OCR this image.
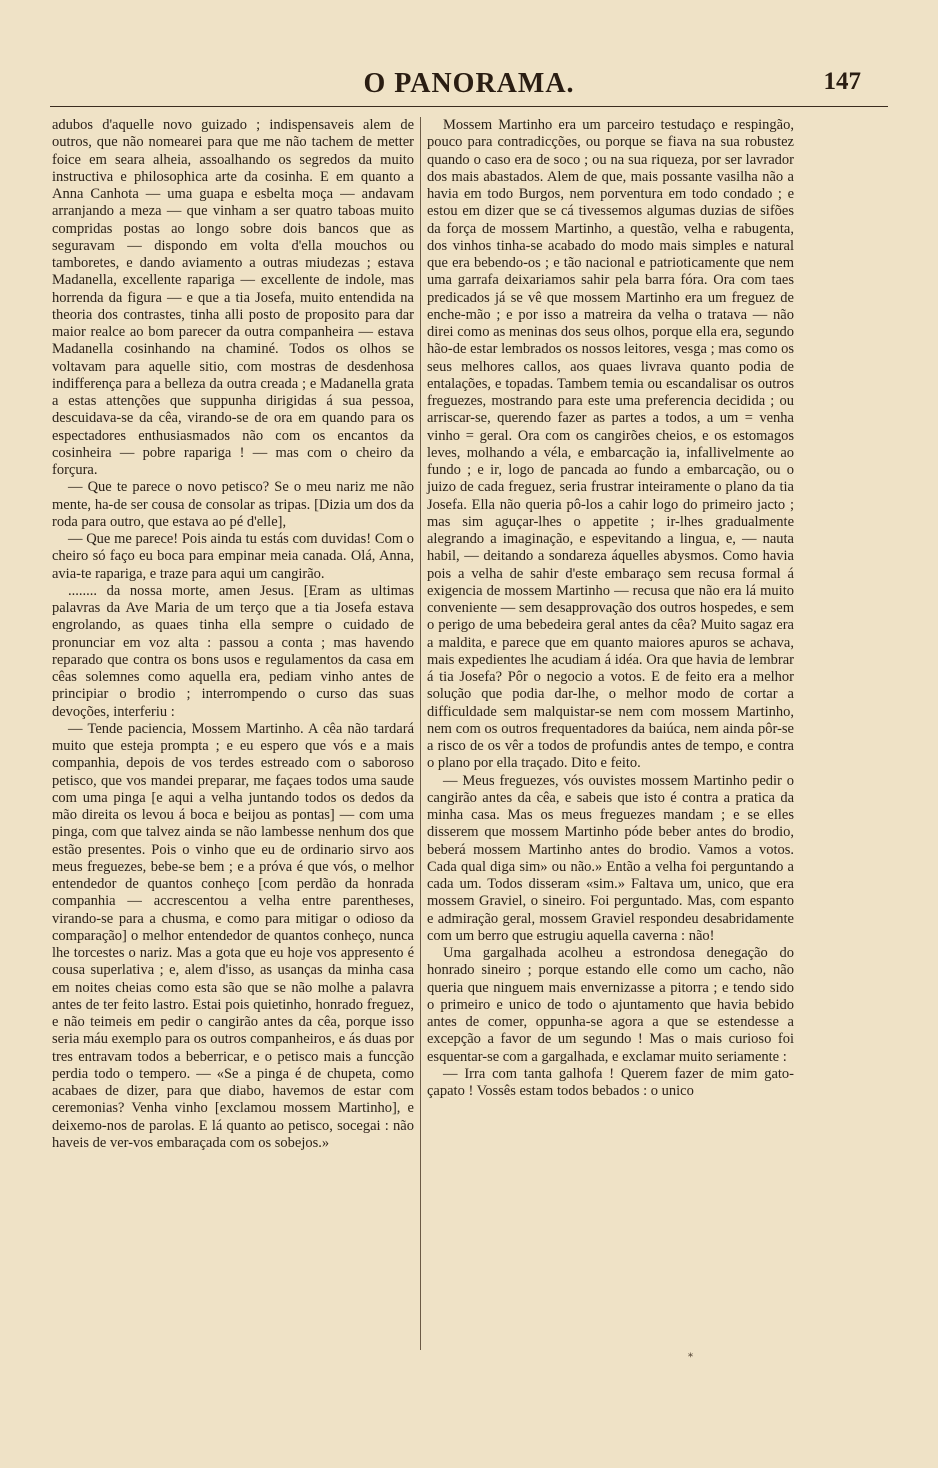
O PANORAMA.	147

adubos d'aquelle novo guizado ; indispensaveis alem de outros, que não nomearei para que me não tachem de metter foice em seara alheia, assoalhando os segredos da muito instructiva e philosophica arte da cosinha. E em quanto a Anna Canhota — uma guapa e esbelta moça — andavam arranjando a meza — que vinham a ser quatro taboas muito compridas postas ao longo sobre dois bancos que as seguravam — dispondo em volta d'ella mouchos ou tamboretes, e dando aviamento a outras miudezas ; estava Madanella, excellente rapariga — excellente de indole, mas horrenda da figura — e que a tia Josefa, muito entendida na theoria dos contrastes, tinha alli posto de proposito para dar maior realce ao bom parecer da outra companheira — estava Madanella cosinhando na chaminé. Todos os olhos se voltavam para aquelle sitio, com mostras de desdenhosa indifferença para a belleza da outra creada ; e Madanella grata a estas attenções que suppunha dirigidas á sua pessoa, descuidava-se da cêa, virando-se de ora em quando para os espectadores enthusiasmados não com os encantos da cosinheira — pobre rapariga ! — mas com o cheiro da forçura.

— Que te parece o novo petisco? Se o meu nariz me não mente, ha-de ser cousa de consolar as tripas. [Dizia um dos da roda para outro, que estava ao pé d'elle],

— Que me parece! Pois ainda tu estás com duvidas! Com o cheiro só faço eu boca para empinar meia canada. Olá, Anna, avia-te rapariga, e traze para aqui um cangirão.

........ da nossa morte, amen Jesus. [Eram as ultimas palavras da Ave Maria de um terço que a tia Josefa estava engrolando, as quaes tinha ella sempre o cuidado de pronunciar em voz alta : passou a conta ; mas havendo reparado que contra os bons usos e regulamentos da casa em cêas solemnes como aquella era, pediam vinho antes de principiar o brodio ; interrompendo o curso das suas devoções, interferiu :

— Tende paciencia, Mossem Martinho. A cêa não tardará muito que esteja prompta ; e eu espero que vós e a mais companhia, depois de vos terdes estreado com o saboroso petisco, que vos mandei preparar, me façaes todos uma saude com uma pinga [e aqui a velha juntando todos os dedos da mão direita os levou á boca e beijou as pontas] — com uma pinga, com que talvez ainda se não lambesse nenhum dos que estão presentes. Pois o vinho que eu de ordinario sirvo aos meus freguezes, bebe-se bem ; e a próva é que vós, o melhor entendedor de quantos conheço [com perdão da honrada companhia — accrescentou a velha entre parentheses, virando-se para a chusma, e como para mitigar o odioso da comparação] o melhor entendedor de quantos conheço, nunca lhe torcestes o nariz. Mas a gota que eu hoje vos appresento é cousa superlativa ; e, alem d'isso, as usanças da minha casa em noites cheias como esta são que se não molhe a palavra antes de ter feito lastro. Estai pois quietinho, honrado freguez, e não teimeis em pedir o cangirão antes da cêa, porque isso seria máu exemplo para os outros companheiros, e ás duas por tres entravam todos a beberricar, e o petisco mais a funcção perdia todo o tempero. — «Se a pinga é de chupeta, como acabaes de dizer, para que diabo, havemos de estar com ceremonias? Venha vinho [exclamou mossem Martinho], e deixemo-nos de parolas. E lá quanto ao petisco, socegai : não haveis de ver-vos embaraçada com os sobejos.»

Mossem Martinho era um parceiro testudaço e respingão, pouco para contradicções, ou porque se fiava na sua robustez quando o caso era de soco ; ou na sua riqueza, por ser lavrador dos mais abastados. Alem de que, mais possante vasilha não a havia em todo Burgos, nem porventura em todo condado ; e estou em dizer que se cá tivessemos algumas duzias de sifões da força de mossem Martinho, a questão, velha e rabugenta, dos vinhos tinha-se acabado do modo mais simples e natural que era bebendo-os ; e tão nacional e patrioticamente que nem uma garrafa deixariamos sahir pela barra fóra. Ora com taes predicados já se vê que mossem Martinho era um freguez de enche-mão ; e por isso a matreira da velha o tratava — não direi como as meninas dos seus olhos, porque ella era, segundo hão-de estar lembrados os nossos leitores, vesga ; mas como os seus melhores callos, aos quaes livrava quanto podia de entalações, e topadas. Tambem temia ou escandalisar os outros freguezes, mostrando para este uma preferencia decidida ; ou arriscar-se, querendo fazer as partes a todos, a um = venha vinho = geral. Ora com os cangirões cheios, e os estomagos leves, molhando a véla, e embarcação ia, infallivelmente ao fundo ; e ir, logo de pancada ao fundo a embarcação, ou o juizo de cada freguez, seria frustrar inteiramente o plano da tia Josefa. Ella não queria pô-los a cahir logo do primeiro jacto ; mas sim aguçar-lhes o appetite ; ir-lhes gradualmente alegrando a imaginação, e espevitando a lingua, e, — nauta habil, — deitando a sondareza áquelles abysmos. Como havia pois a velha de sahir d'este embaraço sem recusa formal á exigencia de mossem Martinho — recusa que não era lá muito conveniente — sem desapprovação dos outros hospedes, e sem o perigo de uma bebedeira geral antes da cêa? Muito sagaz era a maldita, e parece que em quanto maiores apuros se achava, mais expedientes lhe acudiam á idéa. Ora que havia de lembrar á tia Josefa? Pôr o negocio a votos. E de feito era a melhor solução que podia dar-lhe, o melhor modo de cortar a difficuldade sem malquistar-se nem com mossem Martinho, nem com os outros frequentadores da baiúca, nem ainda pôr-se a risco de os vêr a todos de profundis antes de tempo, e contra o plano por ella traçado. Dito e feito.

— Meus freguezes, vós ouvistes mossem Martinho pedir o cangirão antes da cêa, e sabeis que isto é contra a pratica da minha casa. Mas os meus freguezes mandam ; e se elles disserem que mossem Martinho póde beber antes do brodio, beberá mossem Martinho antes do brodio. Vamos a votos. Cada qual diga sim» ou não.» Então a velha foi perguntando a cada um. Todos disseram «sim.» Faltava um, unico, que era mossem Graviel, o sineiro. Foi perguntado. Mas, com espanto e admiração geral, mossem Graviel respondeu desabridamente com um berro que estrugiu aquella caverna : não!

Uma gargalhada acolheu a estrondosa denegação do honrado sineiro ; porque estando elle como um cacho, não queria que ninguem mais envernizasse a pitorra ; e tendo sido o primeiro e unico de todo o ajuntamento que havia bebido antes de comer, oppunha-se agora a que se estendesse a excepção a favor de um segundo ! Mas o mais curioso foi esquentar-se com a gargalhada, e exclamar muito seriamente :

— Irra com tanta galhofa ! Querem fazer de mim gato-çapato ! Vossês estam todos bebados : o unico

*
